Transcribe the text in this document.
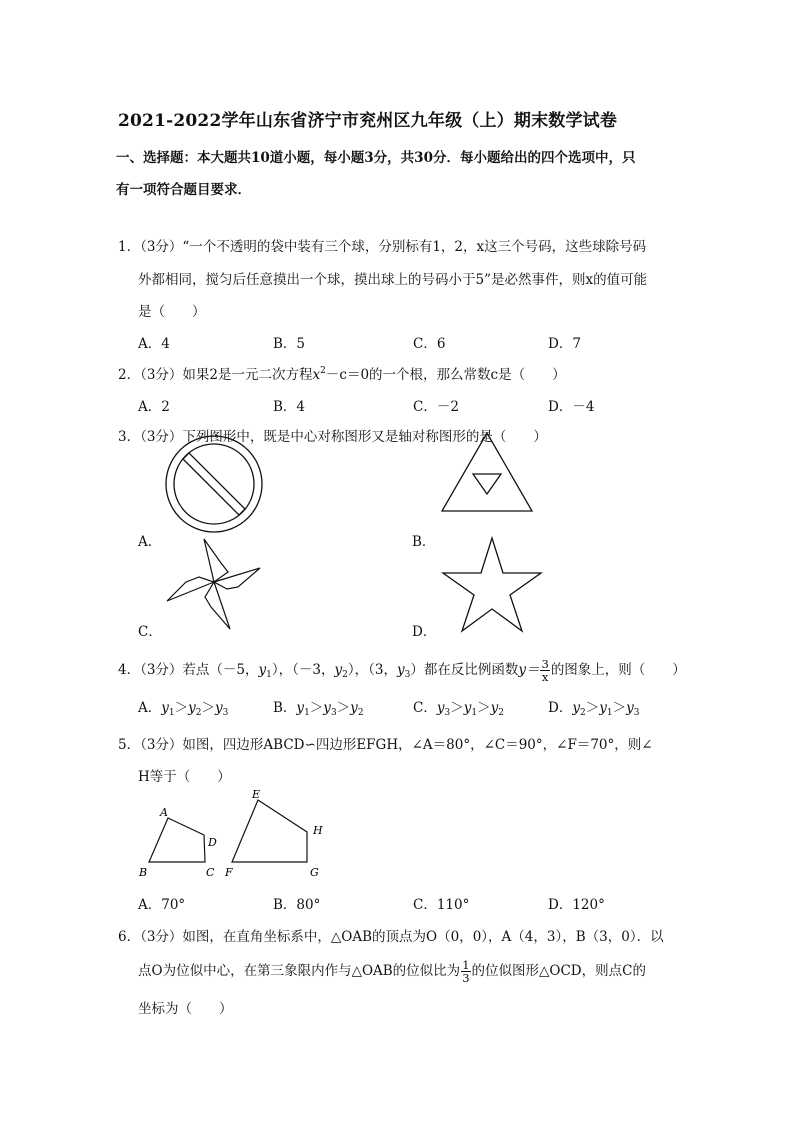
2021-2022学年山东省济宁市兖州区九年级（上）期末数学试卷
一、选择题：本大题共10道小题，每小题3分，共30分．每小题给出的四个选项中，只
有一项符合题目要求．
1．（3分）“一个不透明的袋中装有三个球，分别标有1，2，x这三个号码，这些球除号码
外都相同，搅匀后任意摸出一个球，摸出球上的号码小于5”是必然事件，则x的值可能
是（　　）
A．4	B．5	C．6	D．7
2．（3分）如果2是一元二次方程$x^2-c=0$的一个根，那么常数c是（　　）
A．2	B．4	C．－2	D．－4
3．（3分）下列图形中，既是中心对称图形又是轴对称图形的是（　　）
A．	B．
C．	D．
4．（3分）若点（－5，$y_1$），（－3，$y_2$），（3，$y_3$）都在反比例函数$y= \frac{3}{x}$ 的图象上，则（　　）
A．$y_1>y_2>y_3$	B．$y_1>y_3>y_2$	C．$y_3>y_1>y_2$	D．$y_2>y_1>y_3$
5．（3分）如图，四边形ABCD∽四边形EFGH，∠A＝80°，∠C＝90°，∠F＝70°，则∠
H等于（　　）
A
D
B	C
E
H
F	G
A．70°	B．80°	C．110°	D．120°
6．（3分）如图，在直角坐标系中，△OAB的顶点为O（0，0），A（4，3），B（3，0）．以
点O为位似中心，在第三象限内作与△OAB的位似比为 $\frac{1}{3}$ 的位似图形△OCD，则点C的
坐标为（　　）
